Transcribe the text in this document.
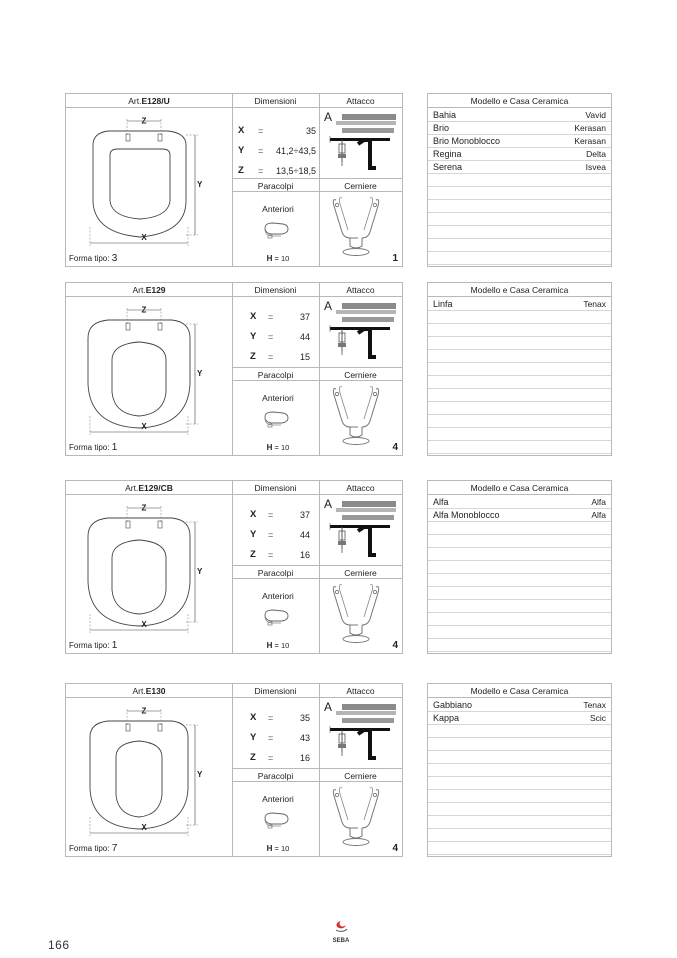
Art.E128/U	Dimensioni	Attacco
Z
Y
X
Forma tipo: 3
X =	35
Y = 41,2÷43,5
Z = 13,5÷18,5
Paracolpi	Cerniere
A
Anteriori
H = 10	1
Modello e Casa Ceramica
Bahia	Vavid
Brio	Kerasan
Brio Monoblocco	Kerasan
Regina	Delta
Serena	Isvea
Art.E129	Dimensioni	Attacco
Z
Y
X
Forma tipo: 1
X =	37
Y =	44
Z =	15
Paracolpi	Cerniere
A
Anteriori
H = 10	4
Modello e Casa Ceramica
Linfa	Tenax
Art.E129/CB	Dimensioni	Attacco
Z
Y
X
Forma tipo: 1
X =	37
Y =	44
Z =	16
Paracolpi	Cerniere
A
Anteriori
H = 10	4
Modello e Casa Ceramica
Alfa	Alfa
Alfa Monoblocco	Alfa
Art.E130	Dimensioni	Attacco
Z
Y
X
Forma tipo: 7
X =	35
Y =	43
Z =	16
Paracolpi	Cerniere
A
Anteriori
H = 10	4
Modello e Casa Ceramica
Gabbiano	Tenax
Kappa	Scic
166	SEBA
